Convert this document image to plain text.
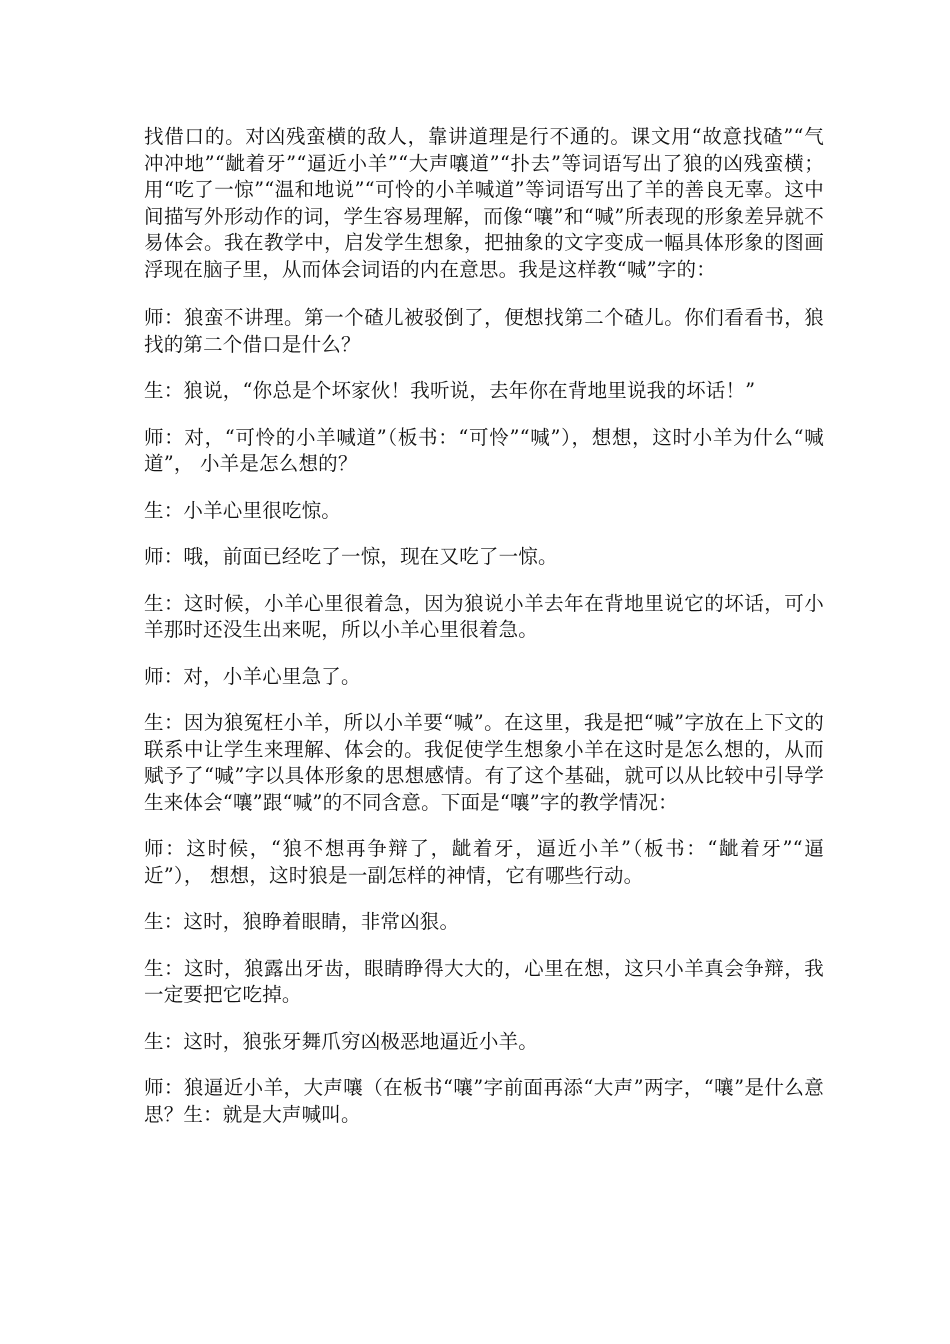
找借口的。对凶残蛮横的敌人，靠讲道理是行不通的。课文用“故意找碴”“气冲冲地”“龇着牙”“逼近小羊”“大声嚷道”“扑去”等词语写出了狼的凶残蛮横；用“吃了一惊”“温和地说”“可怜的小羊喊道”等词语写出了羊的善良无辜。这中间描写外形动作的词，学生容易理解，而像“嚷”和“喊”所表现的形象差异就不易体会。我在教学中，启发学生想象，把抽象的文字变成一幅具体形象的图画浮现在脑子里，从而体会词语的内在意思。我是这样教“喊”字的：

师：狼蛮不讲理。第一个碴儿被驳倒了，便想找第二个碴儿。你们看看书，狼找的第二个借口是什么？

生：狼说，“你总是个坏家伙！我听说，去年你在背地里说我的坏话！”

师：对，“可怜的小羊喊道”（板书：“可怜”“喊”），想想，这时小羊为什么“喊道”， 小羊是怎么想的？

生：小羊心里很吃惊。

师：哦，前面已经吃了一惊，现在又吃了一惊。

生：这时候，小羊心里很着急，因为狼说小羊去年在背地里说它的坏话，可小羊那时还没生出来呢，所以小羊心里很着急。

师：对，小羊心里急了。

生：因为狼冤枉小羊，所以小羊要“喊”。在这里，我是把“喊”字放在上下文的联系中让学生来理解、体会的。我促使学生想象小羊在这时是怎么想的，从而赋予了“喊”字以具体形象的思想感情。有了这个基础，就可以从比较中引导学生来体会“嚷”跟“喊”的不同含意。下面是“嚷”字的教学情况：

师：这时候，“狼不想再争辩了，龇着牙，逼近小羊”（板书：“龇着牙”“逼近”）， 想想，这时狼是一副怎样的神情，它有哪些行动。

生：这时，狼睁着眼睛，非常凶狠。

生：这时，狼露出牙齿，眼睛睁得大大的，心里在想，这只小羊真会争辩，我一定要把它吃掉。

生：这时，狼张牙舞爪穷凶极恶地逼近小羊。

师：狼逼近小羊，大声嚷（在板书“嚷”字前面再添“大声”两字，“嚷”是什么意思？生：就是大声喊叫。
